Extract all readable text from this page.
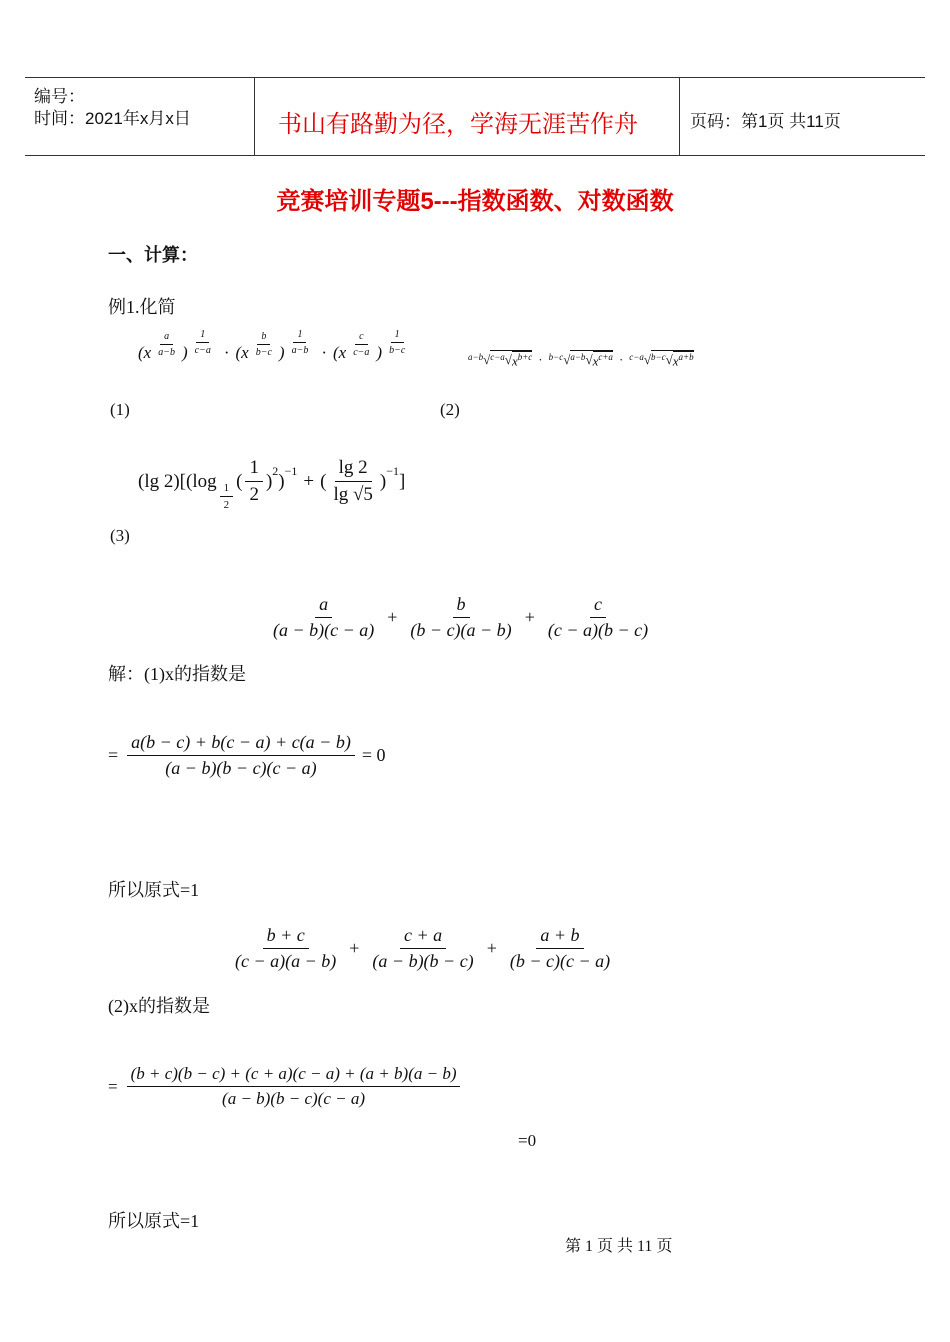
编号：
时间：2021年x月x日	书山有路勤为径，学海无涯苦作舟	页码：第1页 共11页
竞赛培训专题5---指数函数、对数函数
一、计算：
例1.化简
( x $\frac{a}{a-b}$ ) $\frac{1}{c-a}$ · ( x $\frac{b}{b-c}$ ) $\frac{1}{a-b}$ · ( x $\frac{c}{c-a}$ ) $\frac{1}{b-c}$
(1)
a−b √ c−a √ $x^{b+c} \cdot b-c$ √ a−b √ $x^{c+a} \cdot c-a$ √ b−c √ $x^{a+b}$
(2)
(lg 2)[(log
$\frac{1}{2}$
( $\frac{1}{2} )^2$ )$^{-1}$ + ( $\frac{\lg 2}{\lg √5} )^{-1}$ ]
(3)
$\frac{a}{(a - b)(c - a)} + \frac{b}{(b - c)(a - b)} + \frac{c}{(c - a)(b - c)}$
解：(1)x的指数是
= $\frac{a(b - c) + b(c - a) + c(a - b)}{(a - b)(b - c)(c - a)} = 0$
所以原式=1
$\frac{b + c}{(c - a)(a - b)} + \frac{c + a}{(a - b)(b - c)} + \frac{a + b}{(b - c)(c - a)}$
(2)x的指数是
= $\frac{(b + c)(b - c) + (c + a)(c - a) + (a + b)(a - b)}{(a - b)(b - c)(c - a)}$
=0
所以原式=1
第 1 页 共 11 页
